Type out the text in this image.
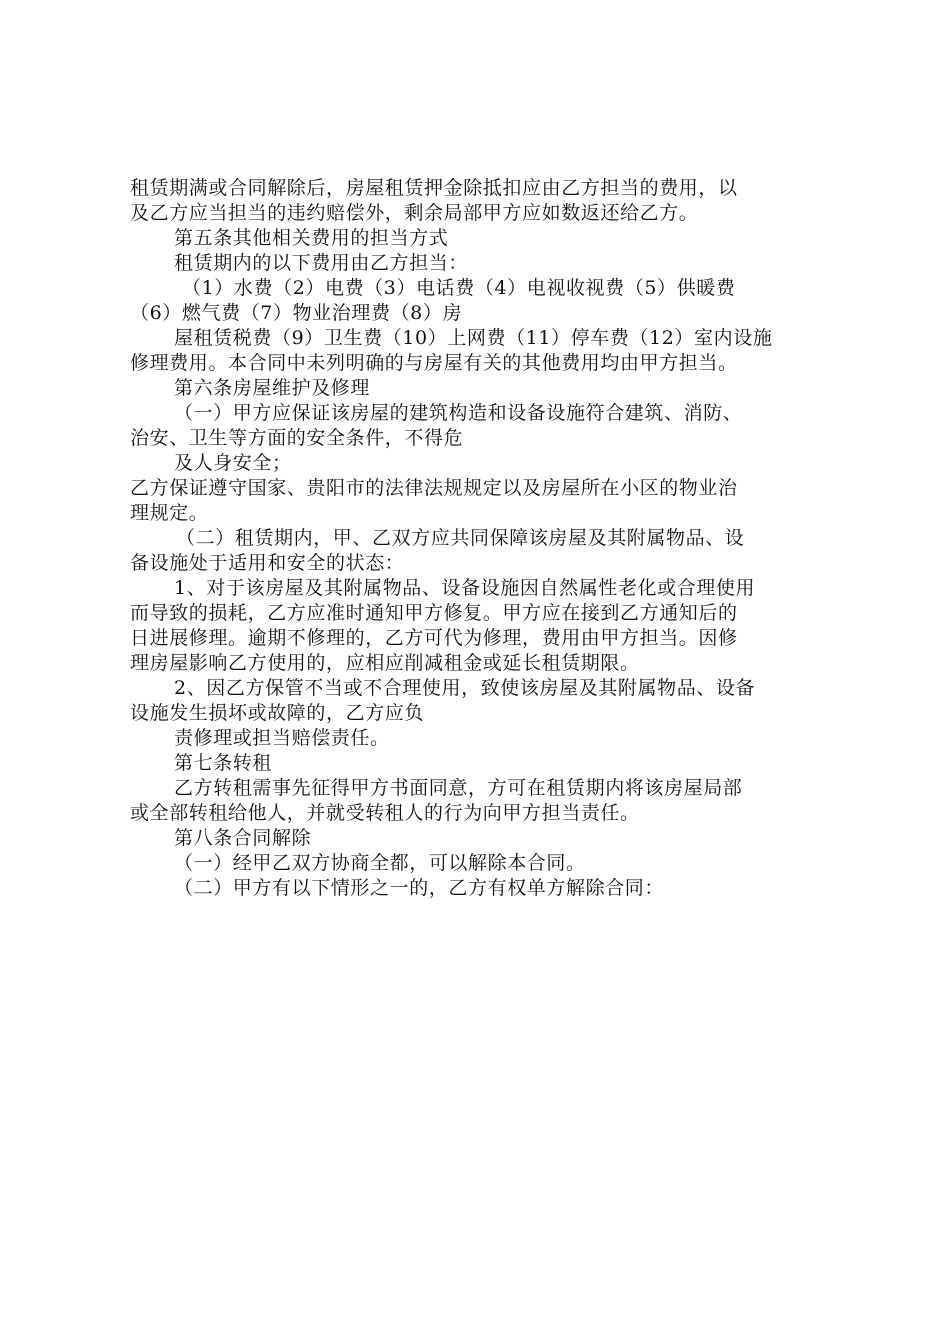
租赁期满或合同解除后，房屋租赁押金除抵扣应由乙方担当的费用，以
及乙方应当担当的违约赔偿外，剩余局部甲方应如数返还给乙方。
第五条其他相关费用的担当方式
租赁期内的以下费用由乙方担当：
（1）水费（2）电费（3）电话费（4）电视收视费（5）供暖费
（6）燃气费（7）物业治理费（8）房
屋租赁税费（9）卫生费（10）上网费（11）停车费（12）室内设施
修理费用。本合同中未列明确的与房屋有关的其他费用均由甲方担当。
第六条房屋维护及修理
（一）甲方应保证该房屋的建筑构造和设备设施符合建筑、消防、
治安、卫生等方面的安全条件，不得危
及人身安全；
乙方保证遵守国家、贵阳市的法律法规规定以及房屋所在小区的物业治
理规定。
（二）租赁期内，甲、乙双方应共同保障该房屋及其附属物品、设
备设施处于适用和安全的状态：
1、对于该房屋及其附属物品、设备设施因自然属性老化或合理使用
而导致的损耗，乙方应准时通知甲方修复。甲方应在接到乙方通知后的
日进展修理。逾期不修理的，乙方可代为修理，费用由甲方担当。因修
理房屋影响乙方使用的，应相应削减租金或延长租赁期限。
2、因乙方保管不当或不合理使用，致使该房屋及其附属物品、设备
设施发生损坏或故障的，乙方应负
责修理或担当赔偿责任。
第七条转租
乙方转租需事先征得甲方书面同意，方可在租赁期内将该房屋局部
或全部转租给他人，并就受转租人的行为向甲方担当责任。
第八条合同解除
（一）经甲乙双方协商全都，可以解除本合同。
（二）甲方有以下情形之一的，乙方有权单方解除合同：
